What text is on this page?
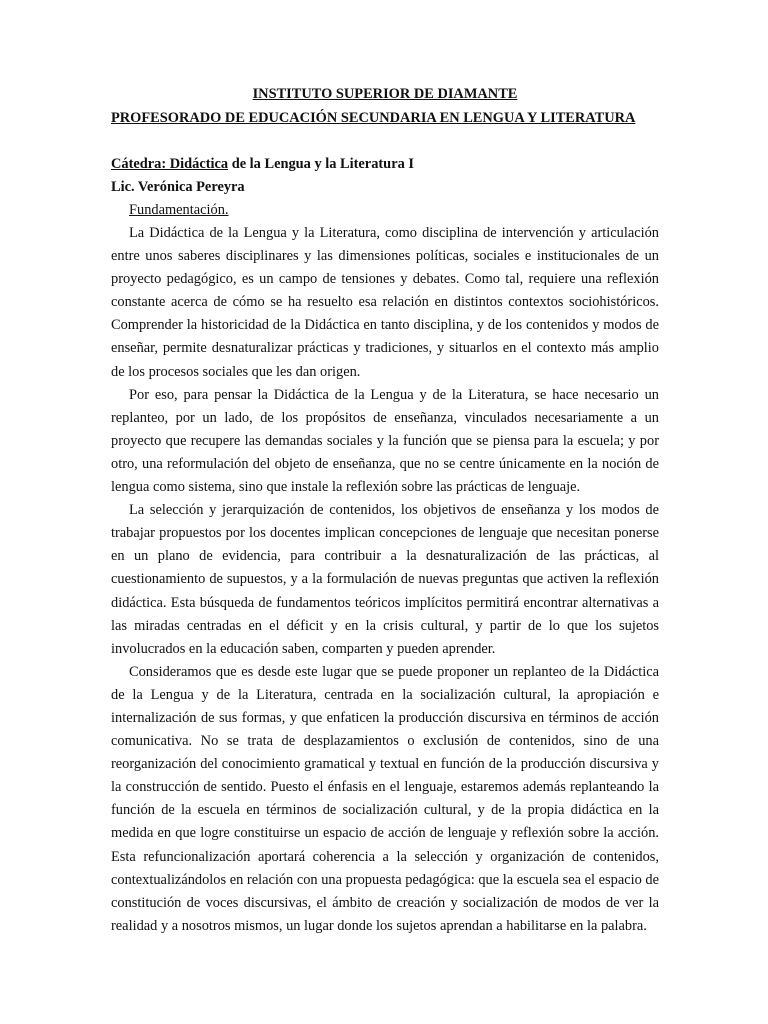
INSTITUTO SUPERIOR DE DIAMANTE

PROFESORADO DE EDUCACIÓN SECUNDARIA EN LENGUA Y LITERATURA

Cátedra: Didáctica de la Lengua y la Literatura I

Lic. Verónica Pereyra

Fundamentación.

La Didáctica de la Lengua y la Literatura, como disciplina de intervención y articulación entre unos saberes disciplinares y las dimensiones políticas, sociales e institucionales de un proyecto pedagógico, es un campo de tensiones y debates. Como tal, requiere una reflexión constante acerca de cómo se ha resuelto esa relación en distintos contextos sociohistóricos. Comprender la historicidad de la Didáctica en tanto disciplina, y de los contenidos y modos de enseñar, permite desnaturalizar prácticas y tradiciones, y situarlos en el contexto más amplio de los procesos sociales que les dan origen.

Por eso, para pensar la Didáctica de la Lengua y de la Literatura, se hace necesario un replanteo, por un lado, de los propósitos de enseñanza, vinculados necesariamente a un proyecto que recupere las demandas sociales y la función que se piensa para la escuela; y por otro, una reformulación del objeto de enseñanza, que no se centre únicamente en la noción de lengua como sistema, sino que instale la reflexión sobre las prácticas de lenguaje.

La selección y jerarquización de contenidos, los objetivos de enseñanza y los modos de trabajar propuestos por los docentes implican concepciones de lenguaje que necesitan ponerse en un plano de evidencia, para contribuir a la desnaturalización de las prácticas, al cuestionamiento de supuestos, y a la formulación de nuevas preguntas que activen la reflexión didáctica. Esta búsqueda de fundamentos teóricos implícitos permitirá encontrar alternativas a las miradas centradas en el déficit y en la crisis cultural, y partir de lo que los sujetos involucrados en la educación saben, comparten y pueden aprender.

Consideramos que es desde este lugar que se puede proponer un replanteo de la Didáctica de la Lengua y de la Literatura, centrada en la socialización cultural, la apropiación e internalización de sus formas, y que enfaticen la producción discursiva en términos de acción comunicativa. No se trata de desplazamientos o exclusión de contenidos, sino de una reorganización del conocimiento gramatical y textual en función de la producción discursiva y la construcción de sentido. Puesto el énfasis en el lenguaje, estaremos además replanteando la función de la escuela en términos de socialización cultural, y de la propia didáctica en la medida en que logre constituirse un espacio de acción de lenguaje y reflexión sobre la acción. Esta refuncionalización aportará coherencia a la selección y organización de contenidos, contextualizándolos en relación con una propuesta pedagógica: que la escuela sea el espacio de constitución de voces discursivas, el ámbito de creación y socialización de modos de ver la realidad y a nosotros mismos, un lugar donde los sujetos aprendan a habilitarse en la palabra.
